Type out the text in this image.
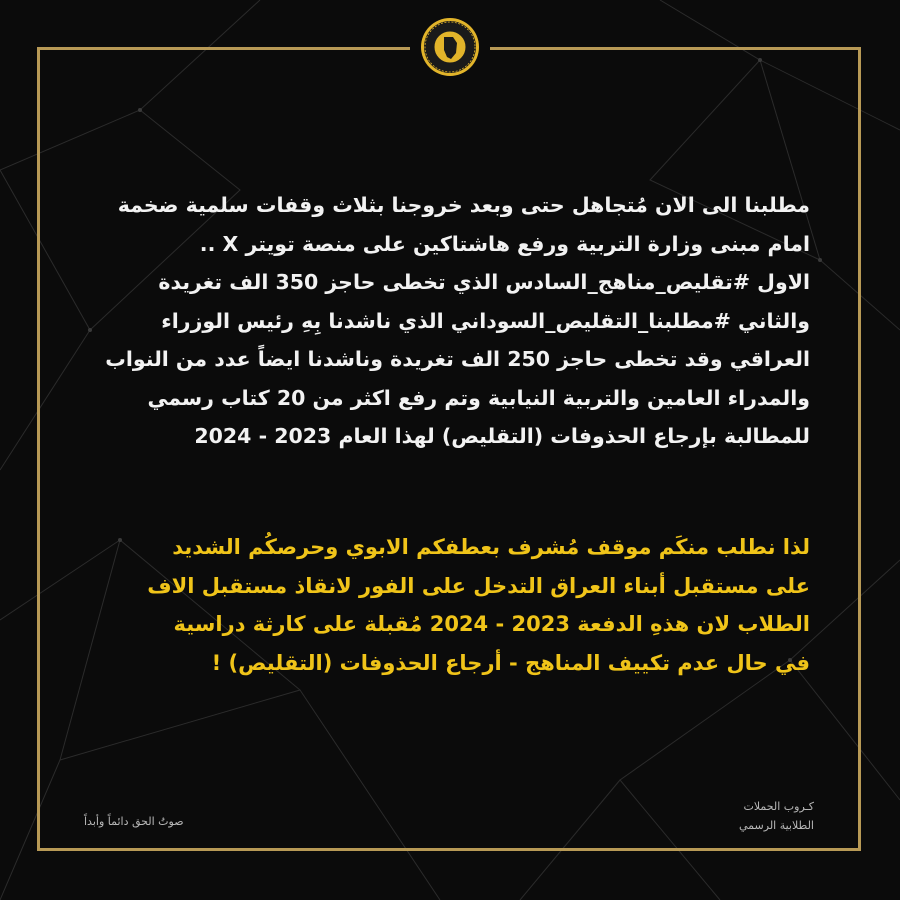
مطلبنا الى الان مُتجاهل حتى وبعد خروجنا بثلاث وقفات سلمية ضخمة
امام مبنى وزارة التربية ورفع هاشتاكين على منصة تويتر X ..
الاول #تقليص_مناهج_السادس الذي تخطى حاجز 350 الف تغريدة
والثاني #مطلبنا_التقليص_السوداني الذي ناشدنا بِهِ رئيس الوزراء
العراقي وقد تخطى حاجز 250 الف تغريدة وناشدنا ايضاً عدد من النواب
والمدراء العامين والتربية النيابية وتم رفع اكثر من 20 كتاب رسمي
للمطالبة بإرجاع الحذوفات (التقليص) لهذا العام 2023 - 2024
لذا نطلب منكَم موقف مُشرف بعطفكم الابوي وحرصكُم الشديد
على مستقبل أبناء العراق التدخل على الفور لانقاذ مستقبل الاف
الطلاب لان هذهِ الدفعة 2023 - 2024 مُقبلة على كارثة دراسية
في حال عدم تكييف المناهج - أرجاع الحذوفات (التقليص) !
كـروب الحملات
الطلابية الرسمي
صوتُ الحق دائماً وأبداً
